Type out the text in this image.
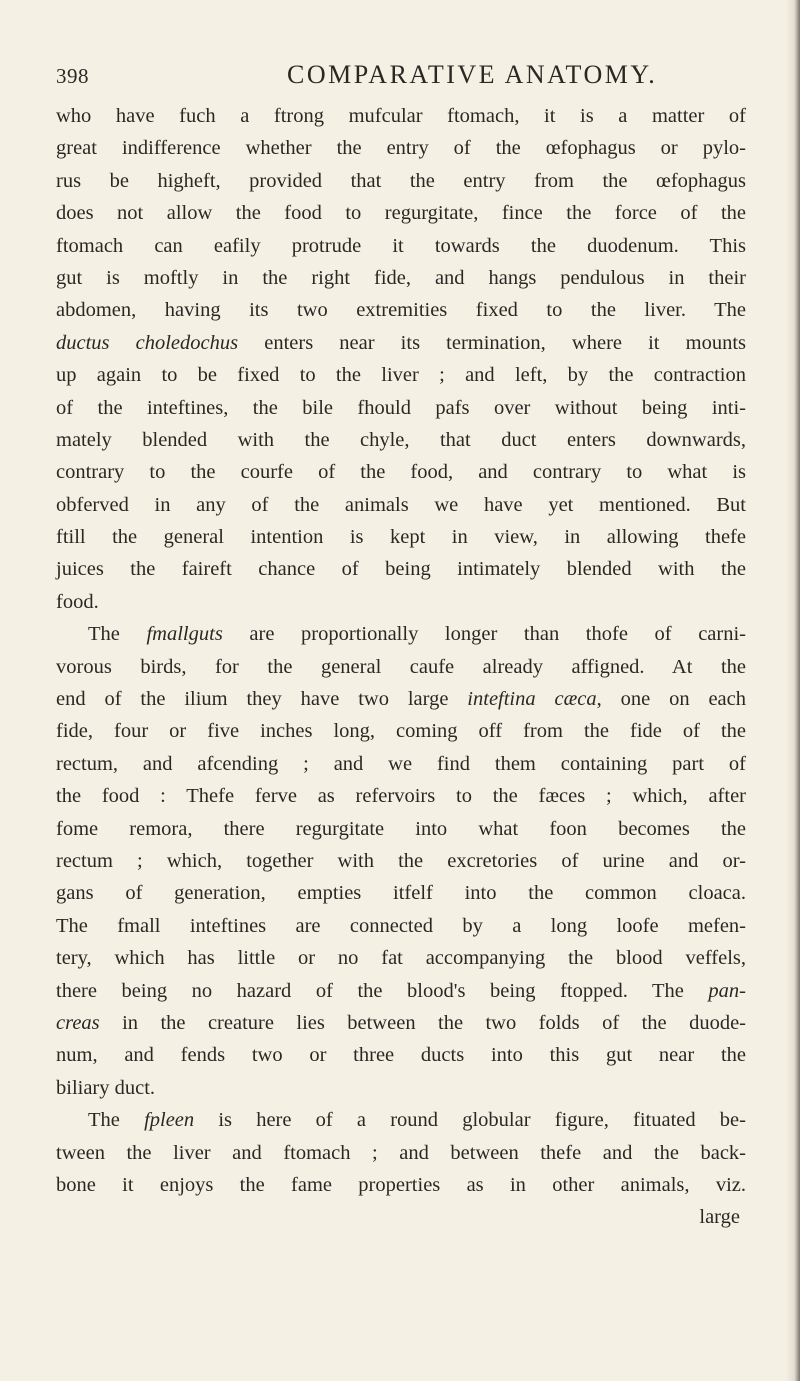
398	COMPARATIVE ANATOMY.
who have fuch a ftrong mufcular ftomach, it is a matter of
great indifference whether the entry of the œfophagus or pylo-
rus be higheft, provided that the entry from the œfophagus
does not allow the food to regurgitate, fince the force of the
ftomach can eafily protrude it towards the duodenum. This
gut is moftly in the right fide, and hangs pendulous in their
abdomen, having its two extremities fixed to the liver. The
ductus choledochus enters near its termination, where it mounts
up again to be fixed to the liver ; and left, by the contraction
of the inteftines, the bile fhould pafs over without being inti-
mately blended with the chyle, that duct enters downwards,
contrary to the courfe of the food, and contrary to what is
obferved in any of the animals we have yet mentioned. But
ftill the general intention is kept in view, in allowing thefe
juices the faireft chance of being intimately blended with the
food.
The fmallguts are proportionally longer than thofe of carni-
vorous birds, for the general caufe already affigned. At the
end of the ilium they have two large inteftina cæca, one on each
fide, four or five inches long, coming off from the fide of the
rectum, and afcending ; and we find them containing part of
the food : Thefe ferve as refervoirs to the fæces ; which, after
fome remora, there regurgitate into what foon becomes the
rectum ; which, together with the excretories of urine and or-
gans of generation, empties itfelf into the common cloaca.
The fmall inteftines are connected by a long loofe mefen-
tery, which has little or no fat accompanying the blood veffels,
there being no hazard of the blood's being ftopped. The pan-
creas in the creature lies between the two folds of the duode-
num, and fends two or three ducts into this gut near the
biliary duct.
The fpleen is here of a round globular figure, fituated be-
tween the liver and ftomach ; and between thefe and the back-
bone it enjoys the fame properties as in other animals, viz.
large
